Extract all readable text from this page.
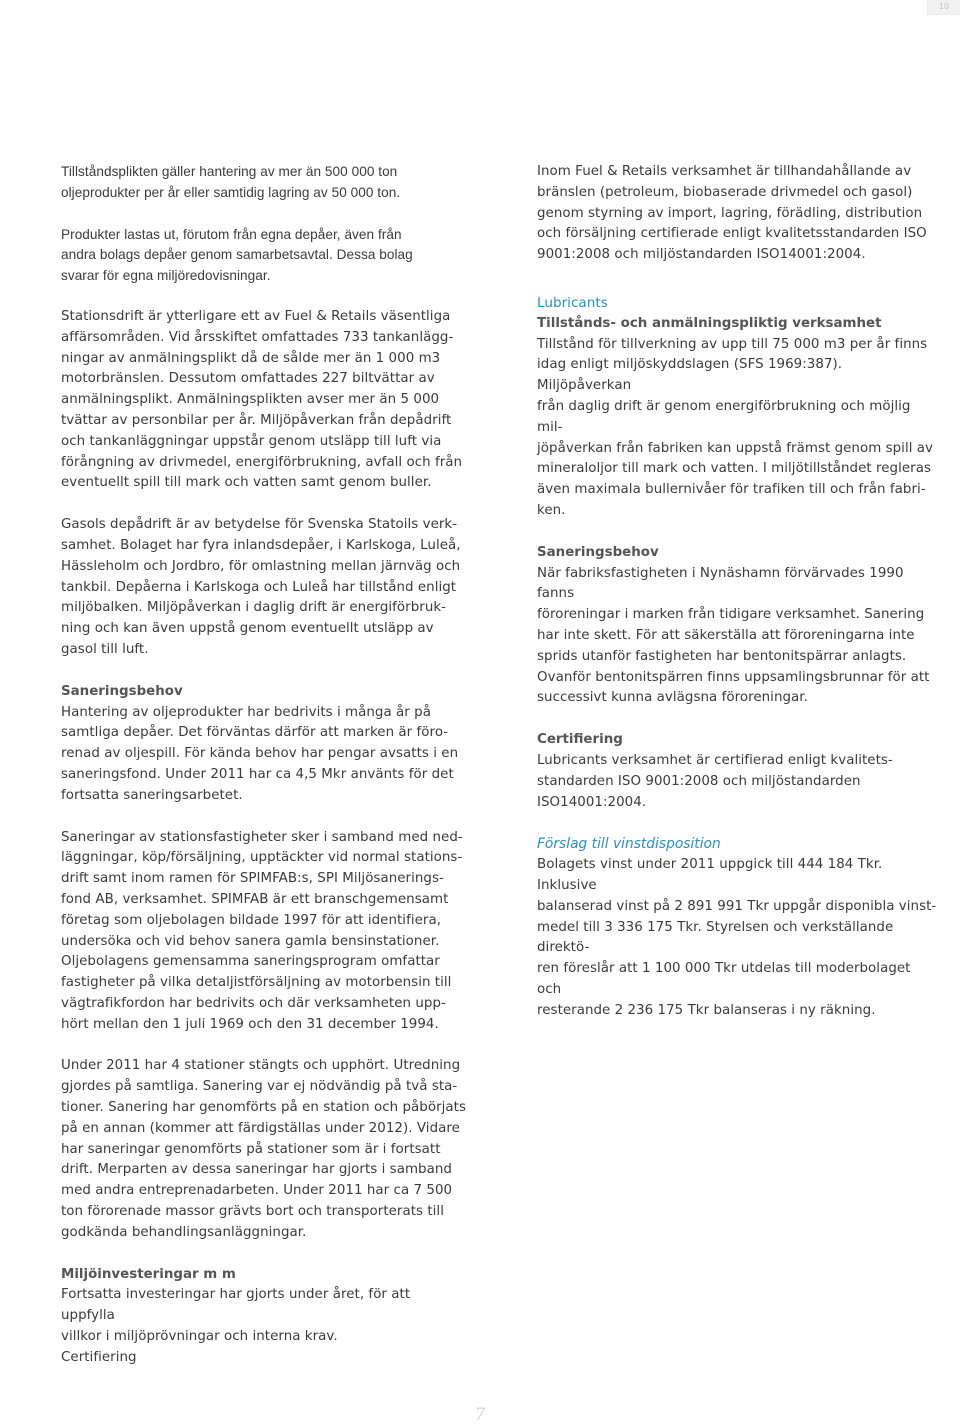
10

Tillståndsplikten gäller hantering av mer än 500 000 ton
oljeprodukter per år eller samtidig lagring av 50 000 ton.

Produkter lastas ut, förutom från egna depåer, även från
andra bolags depåer genom samarbetsavtal. Dessa bolag
svarar för egna miljöredovisningar.

Stationsdrift är ytterligare ett av Fuel & Retails väsentliga
affärsområden. Vid årsskiftet omfattades 733 tankanlägg-
ningar av anmälningsplikt då de sålde mer än 1 000 m3
motorbränslen. Dessutom omfattades 227 biltvättar av
anmälningsplikt. Anmälningsplikten avser mer än 5 000
tvättar av personbilar per år. Miljöpåverkan från depådrift
och tankanläggningar uppstår genom utsläpp till luft via
förångning av drivmedel, energiförbrukning, avfall och från
eventuellt spill till mark och vatten samt genom buller.

Gasols depådrift är av betydelse för Svenska Statoils verk-
samhet. Bolaget har fyra inlandsdepåer, i Karlskoga, Luleå,
Hässleholm och Jordbro, för omlastning mellan järnväg och
tankbil. Depåerna i Karlskoga och Luleå har tillstånd enligt
miljöbalken. Miljöpåverkan i daglig drift är energiförbruk-
ning och kan även uppstå genom eventuellt utsläpp av
gasol till luft.

Saneringsbehov

Hantering av oljeprodukter har bedrivits i många år på
samtliga depåer. Det förväntas därför att marken är föro-
renad av oljespill. För kända behov har pengar avsatts i en
saneringsfond. Under 2011 har ca 4,5 Mkr använts för det
fortsatta saneringsarbetet.

Saneringar av stationsfastigheter sker i samband med ned-
läggningar, köp/försäljning, upptäckter vid normal stations-
drift samt inom ramen för SPIMFAB:s, SPI Miljösanerings-
fond AB, verksamhet. SPIMFAB är ett branschgemensamt
företag som oljebolagen bildade 1997 för att identifiera,
undersöka och vid behov sanera gamla bensinstationer.
Oljebolagens gemensamma saneringsprogram omfattar
fastigheter på vilka detaljistförsäljning av motorbensin till
vägtrafikfordon har bedrivits och där verksamheten upp-
hört mellan den 1 juli 1969 och den 31 december 1994.

Under 2011 har 4 stationer stängts och upphört. Utredning
gjordes på samtliga. Sanering var ej nödvändig på två sta-
tioner. Sanering har genomförts på en station och påbörjats
på en annan (kommer att färdigställas under 2012). Vidare
har saneringar genomförts på stationer som är i fortsatt
drift. Merparten av dessa saneringar har gjorts i samband
med andra entreprenadarbeten. Under 2011 har ca 7 500
ton förorenade massor grävts bort och transporterats till
godkända behandlingsanläggningar.

Miljöinvesteringar m m

Fortsatta investeringar har gjorts under året, för att uppfylla
villkor i miljöprövningar och interna krav.

Certifiering

Inom Fuel & Retails verksamhet är tillhandahållande av
bränslen (petroleum, biobaserade drivmedel och gasol)
genom styrning av import, lagring, förädling, distribution
och försäljning certifierade enligt kvalitetsstandarden ISO
9001:2008 och miljöstandarden ISO14001:2004.

Lubricants

Tillstånds- och anmälningspliktig verksamhet

Tillstånd för tillverkning av upp till 75 000 m3 per år finns
idag enligt miljöskyddslagen (SFS 1969:387). Miljöpåverkan
från daglig drift är genom energiförbrukning och möjlig mil-
jöpåverkan från fabriken kan uppstå främst genom spill av
mineraloljor till mark och vatten. I miljötillståndet regleras
även maximala bullernivåer för trafiken till och från fabri-
ken.

Saneringsbehov

När fabriksfastigheten i Nynäshamn förvärvades 1990 fanns
föroreningar i marken från tidigare verksamhet. Sanering
har inte skett. För att säkerställa att föroreningarna inte
sprids utanför fastigheten har bentonitspärrar anlagts.
Ovanför bentonitspärren finns uppsamlingsbrunnar för att
successivt kunna avlägsna föroreningar.

Certifiering

Lubricants verksamhet är certifierad enligt kvalitets-
standarden ISO 9001:2008 och miljöstandarden
ISO14001:2004.

Förslag till vinstdisposition

Bolagets vinst under 2011 uppgick till 444 184 Tkr. Inklusive
balanserad vinst på 2 891 991 Tkr uppgår disponibla vinst-
medel till 3 336 175 Tkr. Styrelsen och verkställande direktö-
ren föreslår att 1 100 000 Tkr utdelas till moderbolaget och
resterande 2 236 175 Tkr balanseras i ny räkning.

7
